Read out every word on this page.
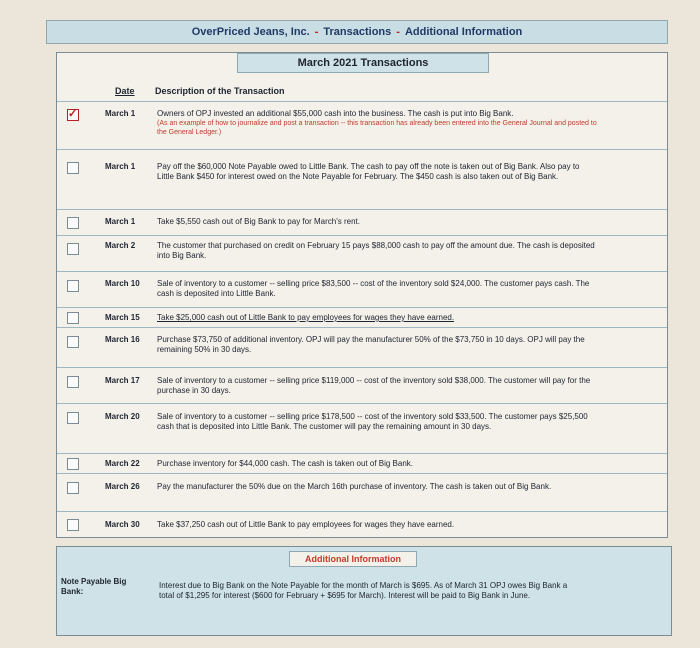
OverPriced Jeans, Inc. - Transactions - Additional Information
March 2021 Transactions
Date Description of the Transaction
✓
March 1	Owners of OPJ invested an additional $55,000 cash into the business. The cash is put into Big Bank.
(As an example of how to journalize and post a transaction -- this transaction has already been entered into the General Journal and posted to the General Ledger.)
March 1	Pay off the $60,000 Note Payable owed to Little Bank. The cash to pay off the note is taken out of Big Bank. Also pay to Little Bank $450 for interest owed on the Note Payable for February. The $450 cash is also taken out of Big Bank.
March 1	Take $5,550 cash out of Big Bank to pay for March's rent.
March 2	The customer that purchased on credit on February 15 pays $88,000 cash to pay off the amount due. The cash is deposited into Big Bank.
March 10 Sale of inventory to a customer -- selling price $83,500 -- cost of the inventory sold $24,000. The customer pays cash. The cash is deposited into Little Bank.
March 15 Take $25,000 cash out of Little Bank to pay employees for wages they have earned.
March 16 Purchase $73,750 of additional inventory. OPJ will pay the manufacturer 50% of the $73,750 in 10 days. OPJ will pay the remaining 50% in 30 days.
March 17 Sale of inventory to a customer -- selling price $119,000 -- cost of the inventory sold $38,000. The customer will pay for the purchase in 30 days.
March 20 Sale of inventory to a customer -- selling price $178,500 -- cost of the inventory sold $33,500. The customer pays $25,500 cash that is deposited into Little Bank. The customer will pay the remaining amount in 30 days.
March 22 Purchase inventory for $44,000 cash. The cash is taken out of Big Bank.
March 26 Pay the manufacturer the 50% due on the March 16th purchase of inventory. The cash is taken out of Big Bank.
March 30 Take $37,250 cash out of Little Bank to pay employees for wages they have earned.
Additional Information
Note Payable Big Bank:
Interest due to Big Bank on the Note Payable for the month of March is $695. As of March 31 OPJ owes Big Bank a total of $1,295 for interest ($600 for February + $695 for March). Interest will be paid to Big Bank in June.
